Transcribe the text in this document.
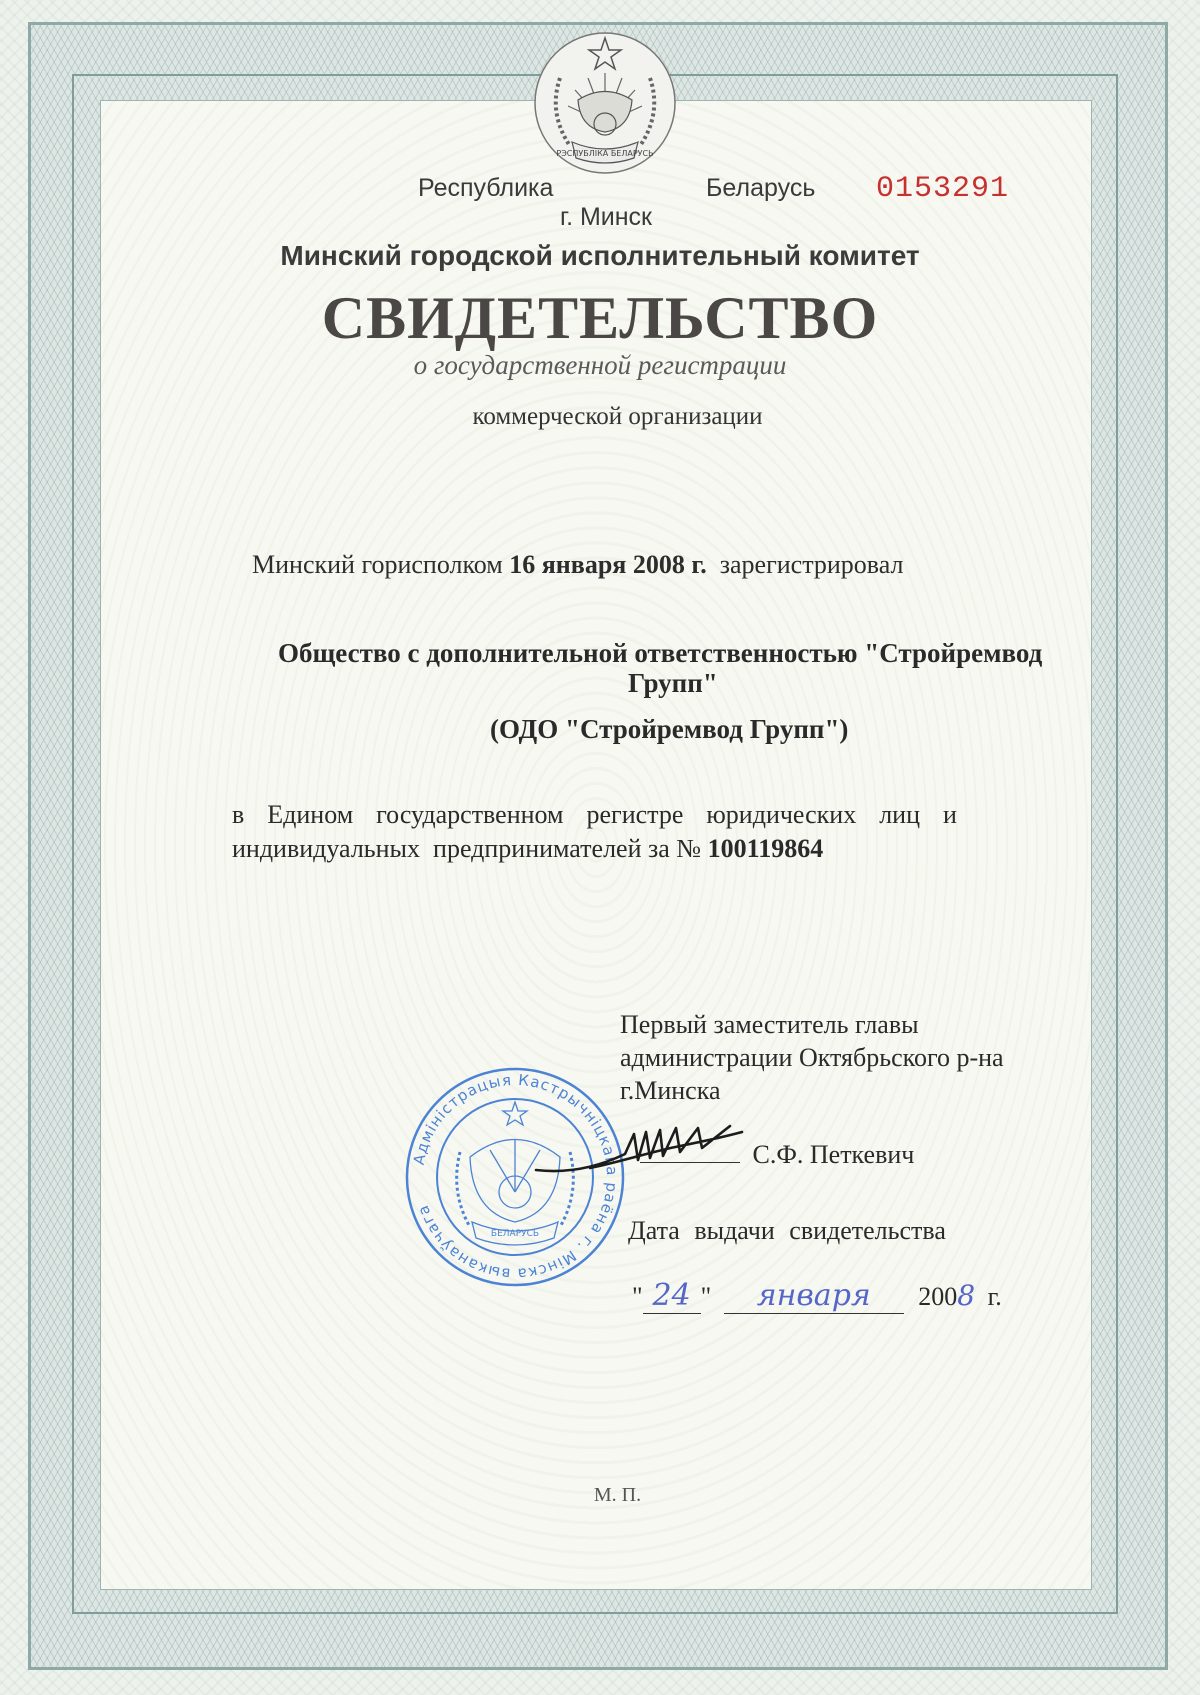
РЭСПУБЛІКА БЕЛАРУСЬ
Республика	Беларусь 0153291
г. Минск
Минский городской исполнительный комитет
СВИДЕТЕЛЬСТВО
о государственной регистрации
коммерческой организации
Минский горисполком 16 января 2008 г. зарегистрировал
Общество с дополнительной ответственностью "Стройремвод
Групп"
(ОДО "Стройремвод Групп")
в Едином государственном регистре юридических лиц и
индивидуальных  предпринимателей за № 100119864
Первый заместитель главы
администрации Октябрьского р-на
г.Минска
С.Ф. Петкевич
Дата выдачи свидетельства
" 24 " января 2008 г.
М. П.
Адміністрацыя Кастрычніцкага раёна г. Мінска выканаўчага
БЕЛАРУСЬ
